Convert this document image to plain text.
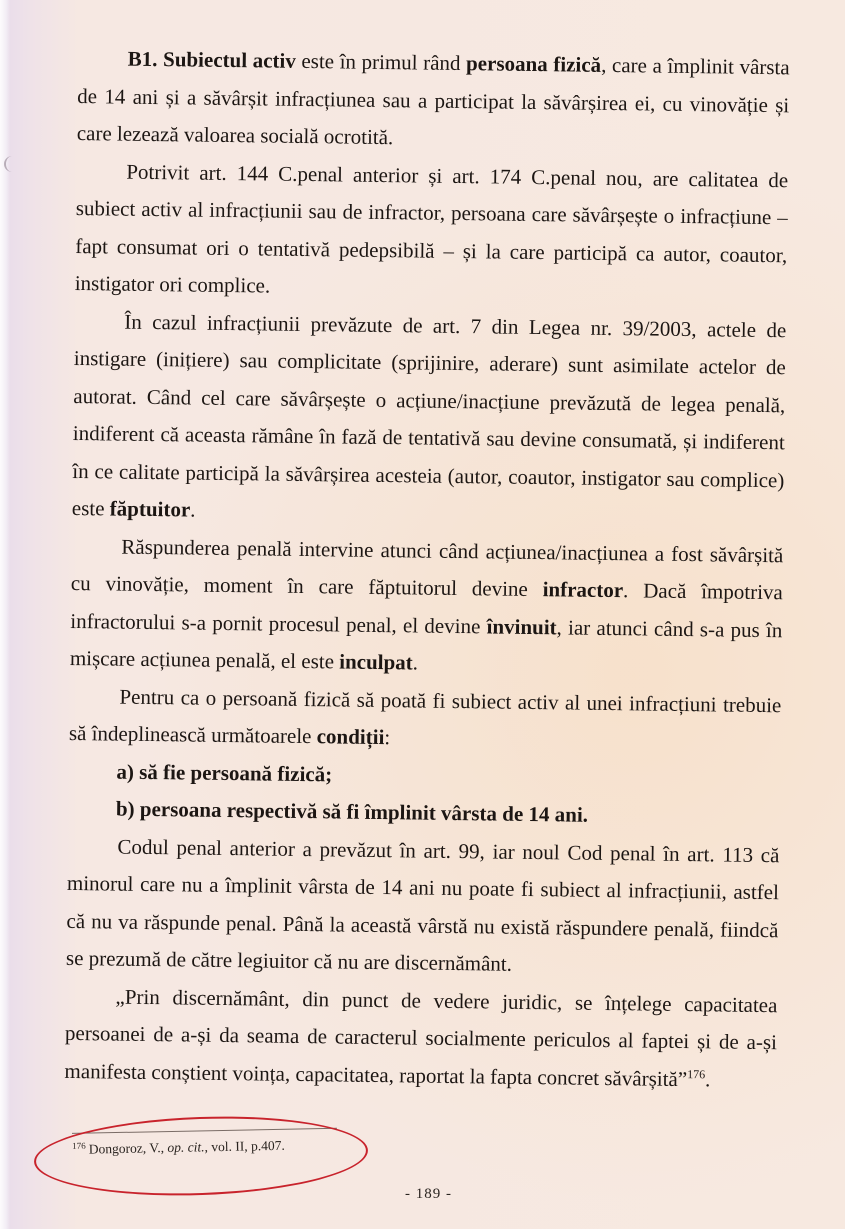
B1. Subiectul activ este în primul rând persoana fizică, care a împlinit vârsta de 14 ani și a săvârșit infracțiunea sau a participat la săvârșirea ei, cu vinovăție și care lezează valoarea socială ocrotită.

Potrivit art. 144 C.penal anterior și art. 174 C.penal nou, are calitatea de subiect activ al infracțiunii sau de infractor, persoana care săvârșește o infracțiune – fapt consumat ori o tentativă pedepsibilă – și la care participă ca autor, coautor, instigator ori complice.

În cazul infracțiunii prevăzute de art. 7 din Legea nr. 39/2003, actele de instigare (inițiere) sau complicitate (sprijinire, aderare) sunt asimilate actelor de autorat. Când cel care săvârșește o acțiune/inacțiune prevăzută de legea penală, indiferent că aceasta rămâne în fază de tentativă sau devine consumată, și indiferent în ce calitate participă la săvârșirea acesteia (autor, coautor, instigator sau complice) este făptuitor.

Răspunderea penală intervine atunci când acțiunea/inacțiunea a fost săvârșită cu vinovăție, moment în care făptuitorul devine infractor. Dacă împotriva infractorului s-a pornit procesul penal, el devine învinuit, iar atunci când s-a pus în mișcare acțiunea penală, el este inculpat.

Pentru ca o persoană fizică să poată fi subiect activ al unei infracțiuni trebuie să îndeplinească următoarele condiții:

a) să fie persoană fizică;

b) persoana respectivă să fi împlinit vârsta de 14 ani.

Codul penal anterior a prevăzut în art. 99, iar noul Cod penal în art. 113 că minorul care nu a împlinit vârsta de 14 ani nu poate fi subiect al infracțiunii, astfel că nu va răspunde penal. Până la această vârstă nu există răspundere penală, fiindcă se prezumă de către legiuitor că nu are discernământ.

„Prin discernământ, din punct de vedere juridic, se înțelege capacitatea persoanei de a-și da seama de caracterul socialmente periculos al faptei și de a-și manifesta conștient voința, capacitatea, raportat la fapta concret săvârșită”$^{176}$.

$^{176}$ Dongoroz, V., op. cit., vol. II, p.407.
- 189 -
